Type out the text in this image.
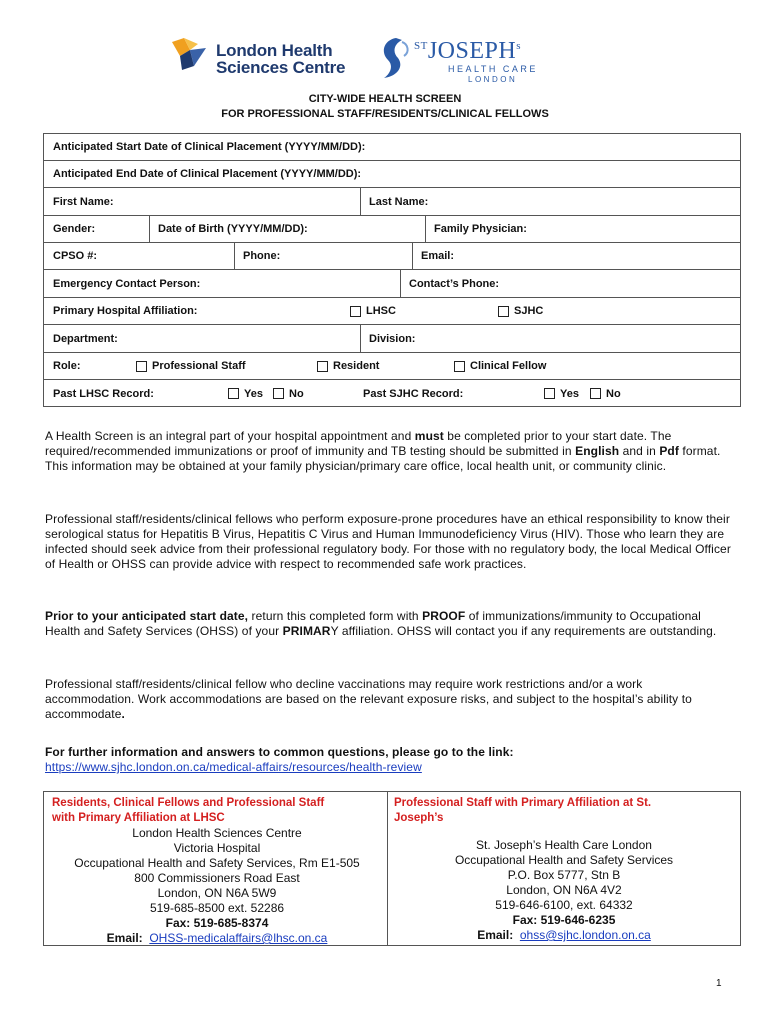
London Health
Sciences Centre
$^{ST}$JOSEPH$^s$
HEALTH CARE
LONDON
CITY-WIDE HEALTH SCREEN
FOR PROFESSIONAL STAFF/RESIDENTS/CLINICAL FELLOWS
Anticipated Start Date of Clinical Placement (YYYY/MM/DD):
Anticipated End Date of Clinical Placement (YYYY/MM/DD):
First Name:	Last Name:
Gender:	Date of Birth (YYYY/MM/DD):	Family Physician:
CPSO #:	Phone:	Email:
Emergency Contact Person:	Contact’s Phone:
Primary Hospital Affiliation:	LHSC	SJHC
Department:	Division:
Role:	Professional Staff	Resident	Clinical Fellow
Past LHSC Record:	Yes No	Past SJHC Record:	Yes No
A Health Screen is an integral part of your hospital appointment and must be completed prior to your start date. The required/recommended immunizations or proof of immunity and TB testing should be submitted in English and in Pdf format. This information may be obtained at your family physician/primary care office, local health unit, or community clinic.
Professional staff/residents/clinical fellows who perform exposure-prone procedures have an ethical responsibility to know their serological status for Hepatitis B Virus, Hepatitis C Virus and Human Immunodeficiency Virus (HIV). Those who learn they are infected should seek advice from their professional regulatory body. For those with no regulatory body, the local Medical Officer of Health or OHSS can provide advice with respect to recommended safe work practices.
Prior to your anticipated start date, return this completed form with PROOF of immunizations/immunity to Occupational Health and Safety Services (OHSS) of your PRIMARY affiliation. OHSS will contact you if any requirements are outstanding.
Professional staff/residents/clinical fellow who decline vaccinations may require work restrictions and/or a work accommodation. Work accommodations are based on the relevant exposure risks, and subject to the hospital’s ability to accommodate.
For further information and answers to common questions, please go to the link:
https://www.sjhc.london.on.ca/medical-affairs/resources/health-review
Residents, Clinical Fellows and Professional Staff
with Primary Affiliation at LHSC
London Health Sciences Centre
Victoria Hospital
Occupational Health and Safety Services, Rm E1-505
800 Commissioners Road East
London, ON N6A 5W9
519-685-8500 ext. 52286
Fax: 519-685-8374
Email: OHSS-medicalaffairs@lhsc.on.ca
Professional Staff with Primary Affiliation at St.
Joseph’s
St. Joseph’s Health Care London
Occupational Health and Safety Services
P.O. Box 5777, Stn B
London, ON N6A 4V2
519-646-6100, ext. 64332
Fax: 519-646-6235
Email: ohss@sjhc.london.on.ca
1
